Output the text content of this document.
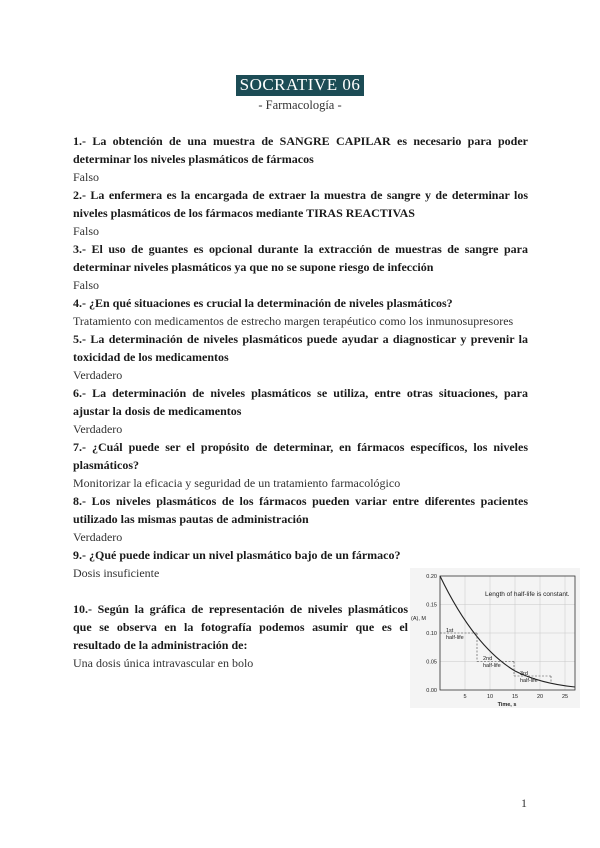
SOCRATIVE 06
- Farmacología -

1.- La obtención de una muestra de SANGRE CAPILAR es necesario para poder determinar los niveles plasmáticos de fármacos

Falso

2.- La enfermera es la encargada de extraer la muestra de sangre y de determinar los niveles plasmáticos de los fármacos mediante TIRAS REACTIVAS

Falso

3.- El uso de guantes es opcional durante la extracción de muestras de sangre para determinar niveles plasmáticos ya que no se supone riesgo de infección

Falso

4.- ¿En qué situaciones es crucial la determinación de niveles plasmáticos?

Tratamiento con medicamentos de estrecho margen terapéutico como los inmunosupresores

5.- La determinación de niveles plasmáticos puede ayudar a diagnosticar y prevenir la toxicidad de los medicamentos

Verdadero

6.- La determinación de niveles plasmáticos se utiliza, entre otras situaciones, para ajustar la dosis de medicamentos

Verdadero

7.- ¿Cuál puede ser el propósito de determinar, en fármacos específicos, los niveles plasmáticos?

Monitorizar la eficacia y seguridad de un tratamiento farmacológico

8.- Los niveles plasmáticos de los fármacos pueden variar entre diferentes pacientes utilizado las mismas pautas de administración

Verdadero

9.- ¿Qué puede indicar un nivel plasmático bajo de un fármaco?

Dosis insuficiente

10.- Según la gráfica de representación de niveles plasmáticos que se observa en la fotografía podemos asumir que es el resultado de la administración de:

Una dosis única intravascular en bolo

Length of half-life is constant.
1st
half-life
2nd
half-life
3rd
half-life
0.20
0.15
0.10
0.05
0.00
(A), M
5	10	15	20	25
Time, s
1
